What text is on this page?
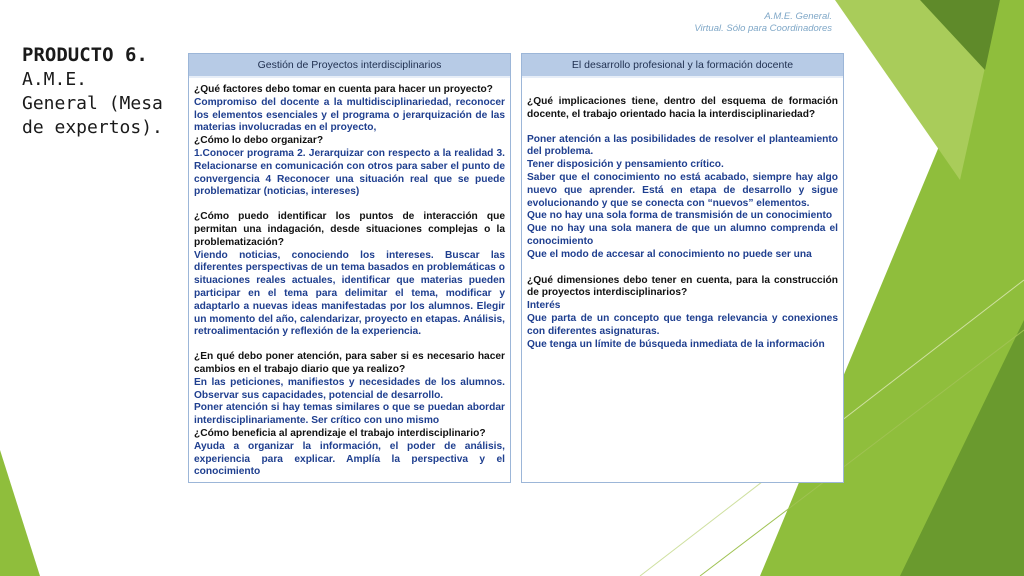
A.M.E. General.
Virtual. Sólo para Coordinadores
PRODUCTO 6.
A.M.E.
General (Mesa
de expertos).
Gestión de Proyectos interdisciplinarios
¿Qué factores debo tomar en cuenta para hacer un proyecto?
Compromiso del docente a la multidisciplinariedad, reconocer los elementos esenciales y el programa o jerarquización de las materias involucradas en el proyecto,
¿Cómo lo debo organizar?
1.Conocer programa 2. Jerarquizar con respecto a la realidad 3. Relacionarse en comunicación con otros para saber el punto de convergencia 4 Reconocer una situación real que se puede problematizar (noticias, intereses)
¿Cómo puedo identificar los puntos de interacción que permitan una indagación, desde situaciones complejas o la problematización?
Viendo noticias, conociendo los intereses. Buscar las diferentes perspectivas de un tema basados en problemáticas o situaciones reales actuales, identificar que materias pueden participar en el tema para delimitar el tema, modificar y adaptarlo a nuevas ideas manifestadas por los alumnos. Elegir un momento del año, calendarizar, proyecto en etapas. Análisis, retroalimentación y reflexión de la experiencia.
¿En qué debo poner atención, para saber si es necesario hacer cambios en el trabajo diario que ya realizo?
En las peticiones, manifiestos y necesidades de los alumnos. Observar sus capacidades, potencial de desarrollo.
Poner atención si hay temas similares o que se puedan abordar interdisciplinariamente. Ser crítico con uno mismo
¿Cómo beneficia al aprendizaje el trabajo interdisciplinario?
Ayuda a organizar la información, el poder de análisis, experiencia para explicar. Amplía la perspectiva y el conocimiento
El desarrollo profesional y la formación docente
¿Qué implicaciones tiene, dentro del esquema de formación docente, el trabajo orientado hacia la interdisciplinariedad?
Poner atención a las posibilidades de resolver el planteamiento del problema.
Tener disposición y pensamiento crítico.
Saber que el conocimiento no está acabado, siempre hay algo nuevo que aprender. Está en etapa de desarrollo y sigue evolucionando y que se conecta con “nuevos” elementos.
Que no hay una sola forma de transmisión de un conocimiento
Que no hay una sola manera de que un alumno comprenda el conocimiento
Que el modo de accesar al conocimiento no puede ser una
¿Qué dimensiones debo tener en cuenta, para la construcción de proyectos interdisciplinarios?
Interés
Que parta de un concepto que tenga relevancia y conexiones con diferentes asignaturas.
Que tenga un límite de búsqueda inmediata de la información
